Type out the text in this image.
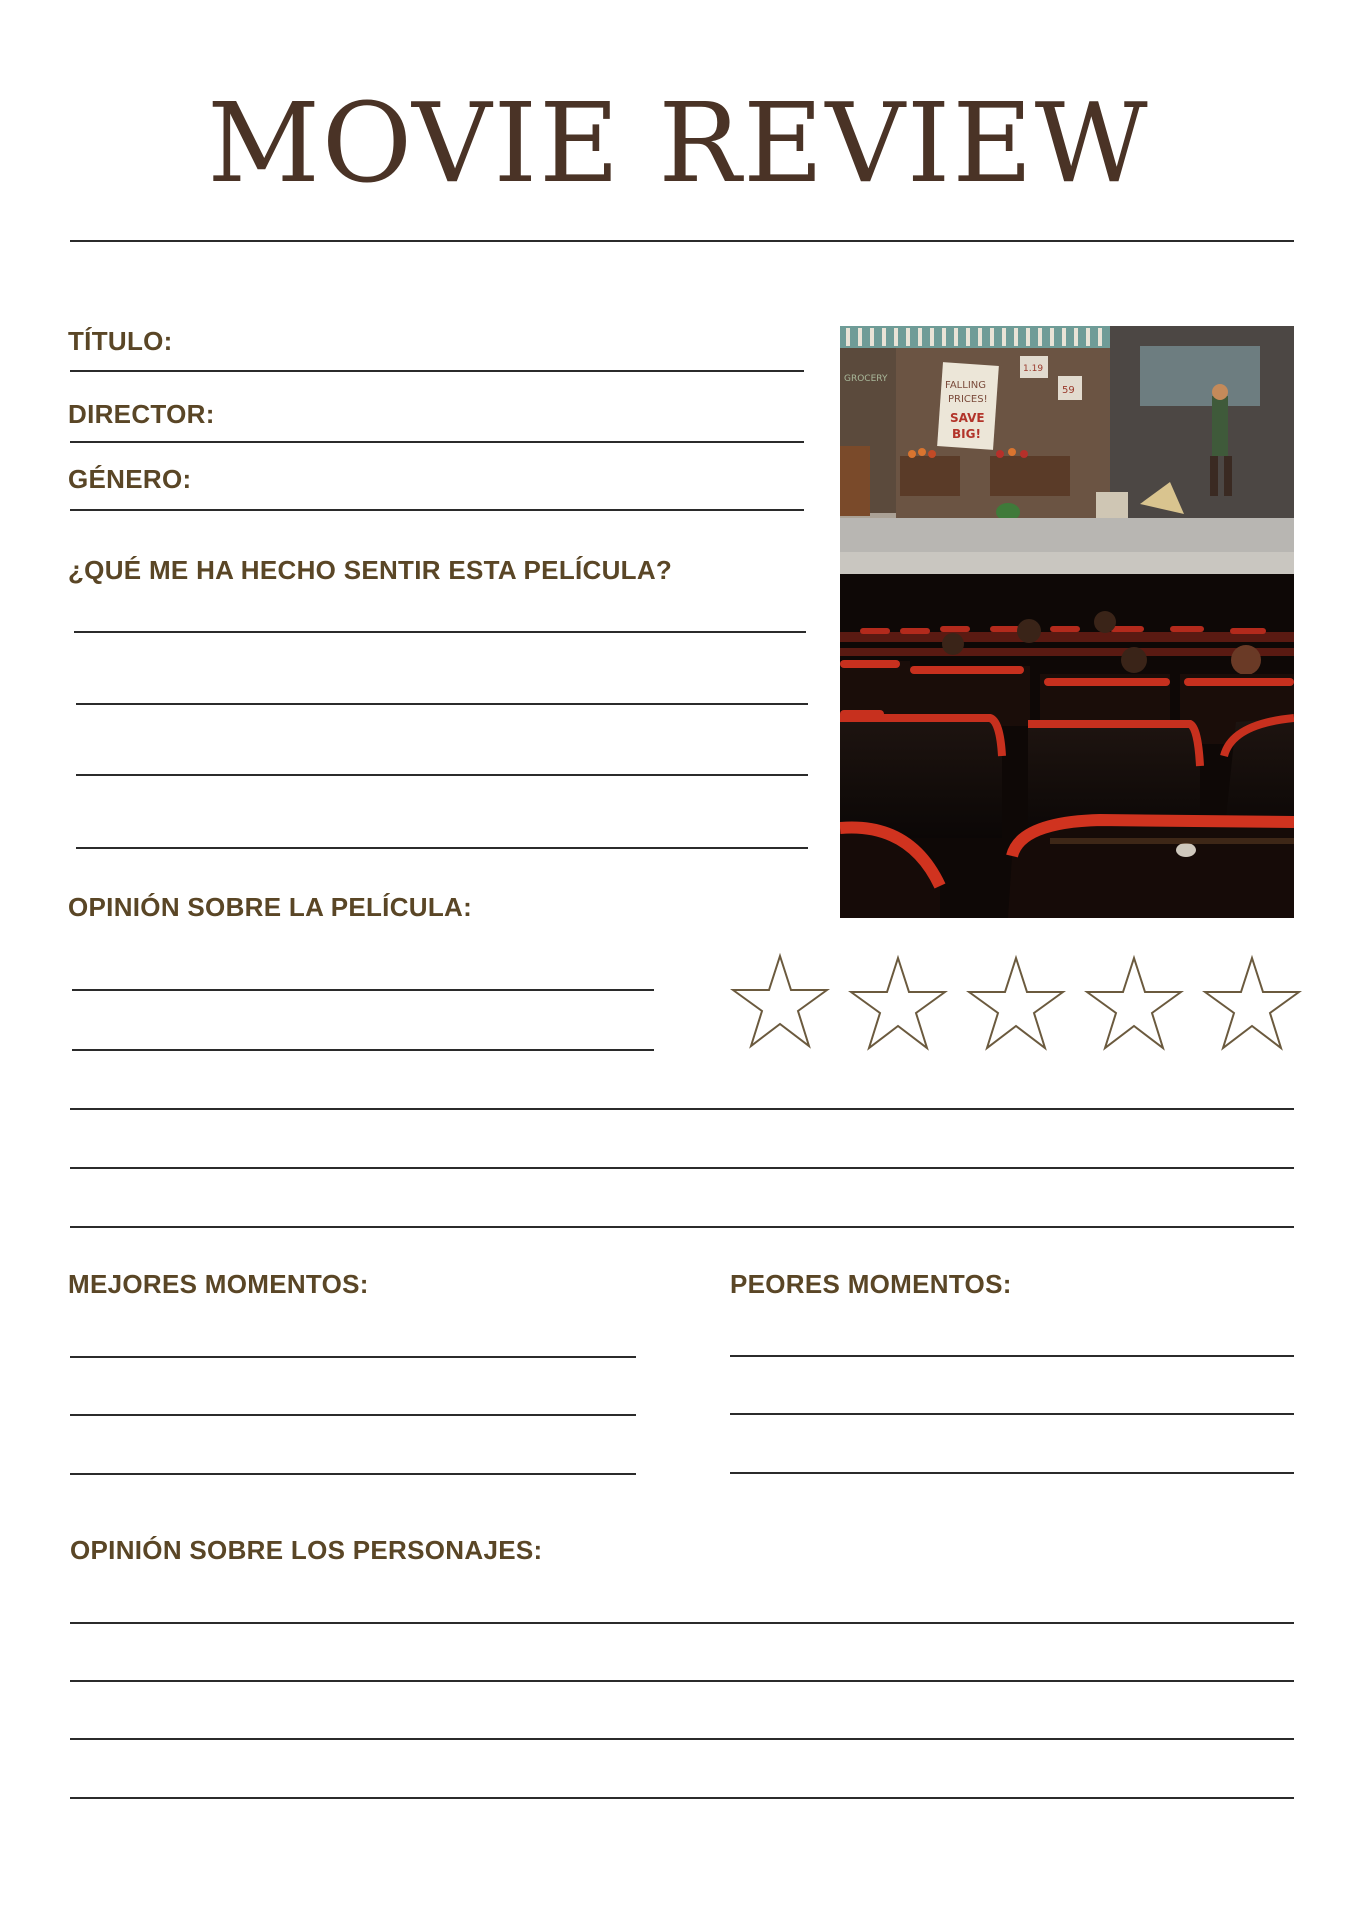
MOVIE REVIEW
TÍTULO:
DIRECTOR:
GÉNERO:
¿QUÉ ME HA HECHO SENTIR ESTA PELÍCULA?
FALLING
PRICES!
SAVE
BIG!
GROCERY
1.19
59
OPINIÓN SOBRE LA PELÍCULA:
MEJORES MOMENTOS:	PEORES MOMENTOS:
OPINIÓN SOBRE LOS PERSONAJES:
